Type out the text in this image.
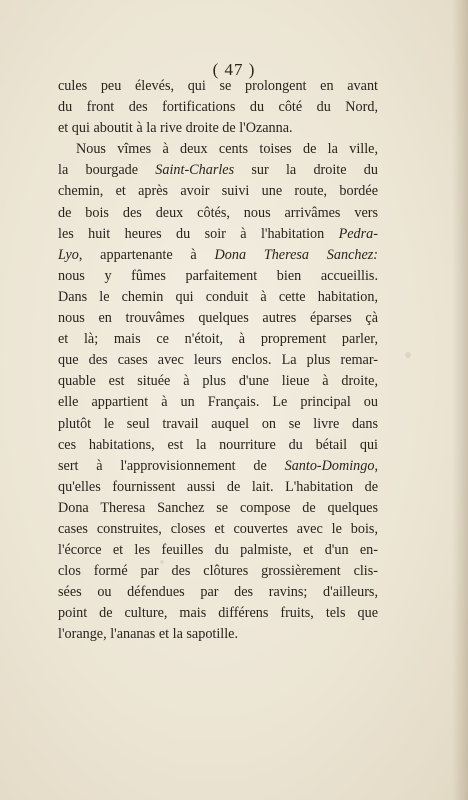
( 47 )
cules peu élevés, qui se prolongent en avant
du front des fortifications du côté du Nord,
et qui aboutit à la rive droite de l'Ozanna.
Nous vîmes à deux cents toises de la ville,
la bourgade Saint-Charles sur la droite du
chemin, et après avoir suivi une route, bordée
de bois des deux côtés, nous arrivâmes vers
les huit heures du soir à l'habitation Pedra-
Lyo, appartenante à Dona Theresa Sanchez:
nous y fûmes parfaitement bien accueillis.
Dans le chemin qui conduit à cette habitation,
nous en trouvâmes quelques autres éparses çà
et là; mais ce n'étoit, à proprement parler,
que des cases avec leurs enclos. La plus remar-
quable est située à plus d'une lieue à droite,
elle appartient à un Français. Le principal ou
plutôt le seul travail auquel on se livre dans
ces habitations, est la nourriture du bétail qui
sert à l'approvisionnement de Santo-Domingo,
qu'elles fournissent aussi de lait. L'habitation de
Dona Theresa Sanchez se compose de quelques
cases construites, closes et couvertes avec le bois,
l'écorce et les feuilles du palmiste, et d'un en-
clos formé par des clôtures grossièrement clis-
sées ou défendues par des ravins; d'ailleurs,
point de culture, mais différens fruits, tels que
l'orange, l'ananas et la sapotille.
